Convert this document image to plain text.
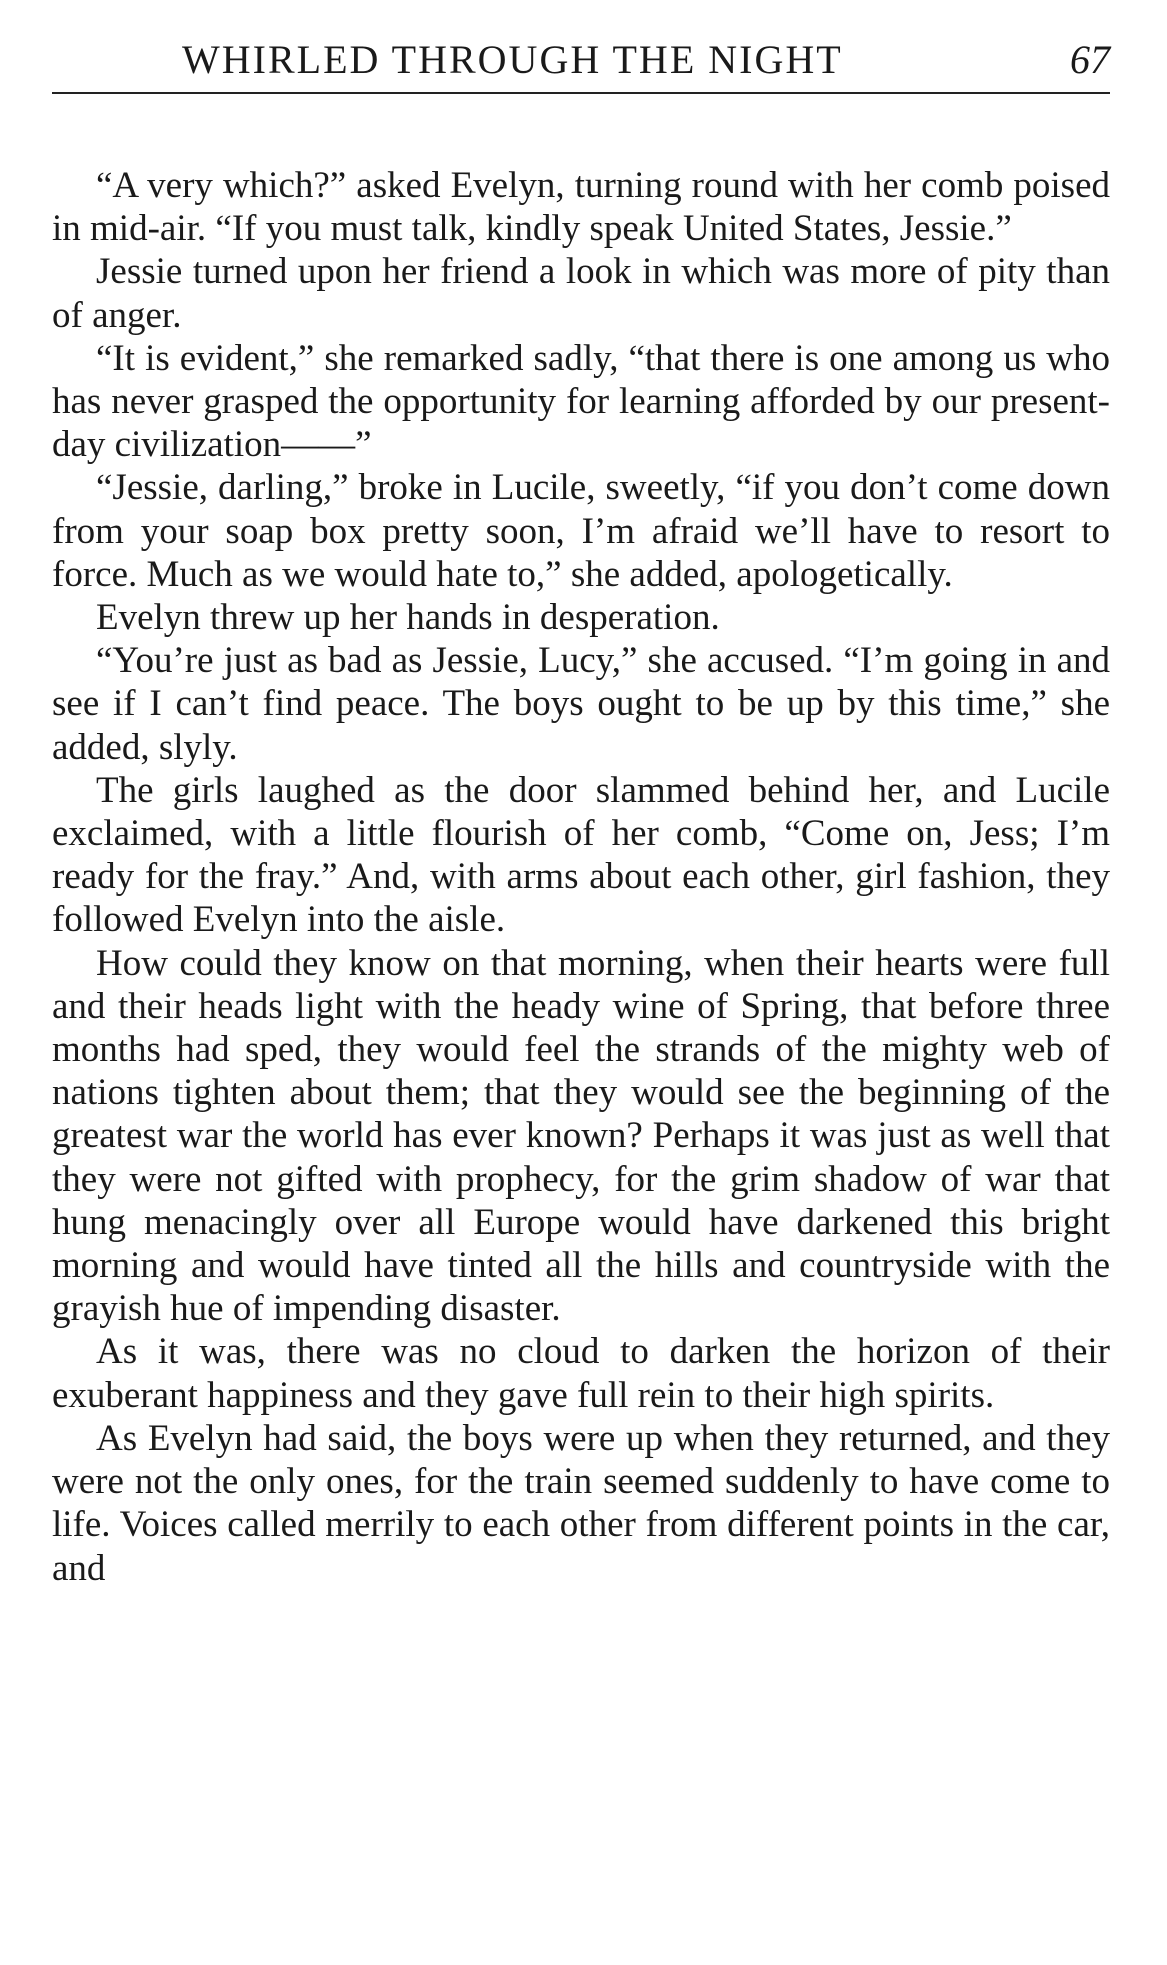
WHIRLED THROUGH THE NIGHT	67

“A very which?” asked Evelyn, turning round with her comb poised in mid-air. “If you must talk, kindly speak United States, Jessie.”

Jessie turned upon her friend a look in which was more of pity than of anger.

“It is evident,” she remarked sadly, “that there is one among us who has never grasped the opportunity for learning afforded by our present-day civilization——”

“Jessie, darling,” broke in Lucile, sweetly, “if you don’t come down from your soap box pretty soon, I’m afraid we’ll have to resort to force. Much as we would hate to,” she added, apologetically.

Evelyn threw up her hands in desperation.

“You’re just as bad as Jessie, Lucy,” she accused. “I’m going in and see if I can’t find peace. The boys ought to be up by this time,” she added, slyly.

The girls laughed as the door slammed behind her, and Lucile exclaimed, with a little flourish of her comb, “Come on, Jess; I’m ready for the fray.” And, with arms about each other, girl fashion, they followed Evelyn into the aisle.

How could they know on that morning, when their hearts were full and their heads light with the heady wine of Spring, that before three months had sped, they would feel the strands of the mighty web of nations tighten about them; that they would see the beginning of the greatest war the world has ever known? Perhaps it was just as well that they were not gifted with prophecy, for the grim shadow of war that hung menacingly over all Europe would have darkened this bright morning and would have tinted all the hills and countryside with the grayish hue of impending disaster.

As it was, there was no cloud to darken the horizon of their exuberant happiness and they gave full rein to their high spirits.

As Evelyn had said, the boys were up when they returned, and they were not the only ones, for the train seemed suddenly to have come to life. Voices called merrily to each other from different points in the car, and
